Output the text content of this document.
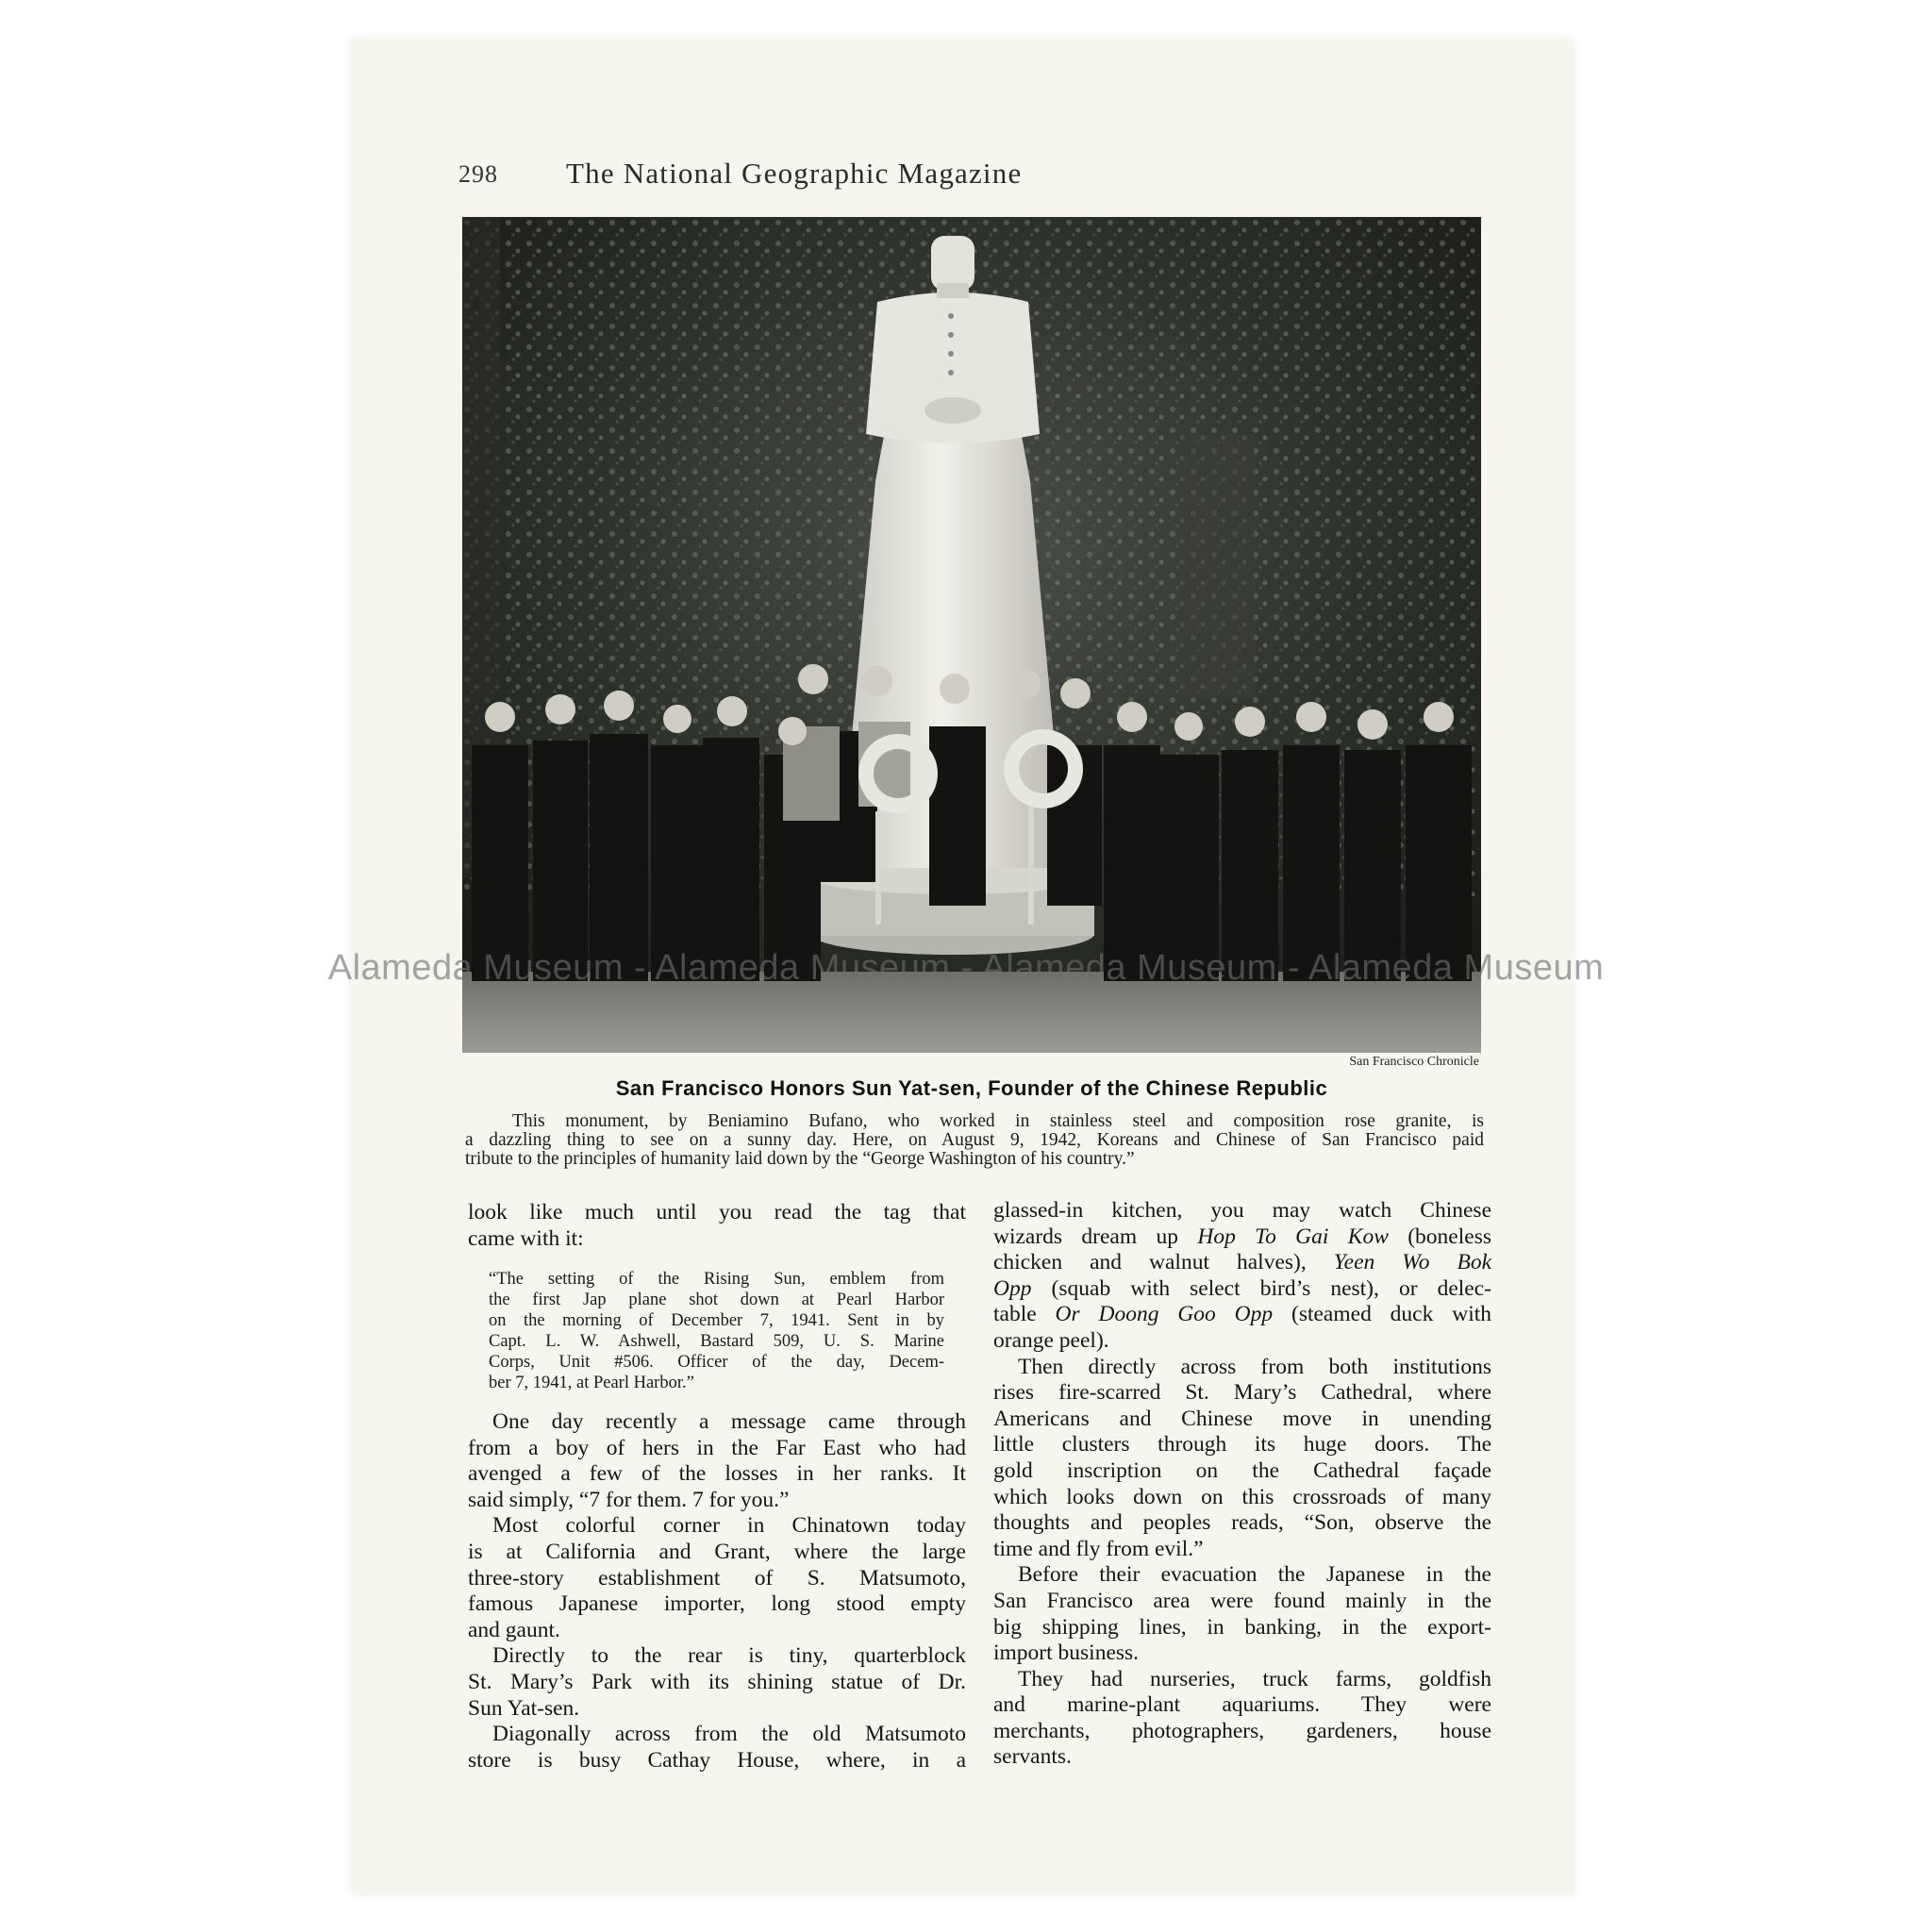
298 The National Geographic Magazine
San Francisco Chronicle
San Francisco Honors Sun Yat-sen, Founder of the Chinese Republic
This monument, by Beniamino Bufano, who worked in stainless steel and composition rose granite, is
a dazzling thing to see on a sunny day. Here, on August 9, 1942, Koreans and Chinese of San Francisco paid
tribute to the principles of humanity laid down by the “George Washington of his country.”
look like much until you read the tag that
came with it:
“The setting of the Rising Sun, emblem from
the first Jap plane shot down at Pearl Harbor
on the morning of December 7, 1941. Sent in by
Capt. L. W. Ashwell, Bastard 509, U. S. Marine
Corps, Unit #506. Officer of the day, Decem-
ber 7, 1941, at Pearl Harbor.”
One day recently a message came through
from a boy of hers in the Far East who had
avenged a few of the losses in her ranks. It
said simply, “7 for them. 7 for you.”
Most colorful corner in Chinatown today
is at California and Grant, where the large
three-story establishment of S. Matsumoto,
famous Japanese importer, long stood empty
and gaunt.
Directly to the rear is tiny, quarterblock
St. Mary’s Park with its shining statue of Dr.
Sun Yat-sen.
Diagonally across from the old Matsumoto
store is busy Cathay House, where, in a
glassed-in kitchen, you may watch Chinese
wizards dream up Hop To Gai Kow (boneless
chicken and walnut halves), Yeen Wo Bok
Opp (squab with select bird’s nest), or delec-
table Or Doong Goo Opp (steamed duck with
orange peel).
Then directly across from both institutions
rises fire-scarred St. Mary’s Cathedral, where
Americans and Chinese move in unending
little clusters through its huge doors. The
gold inscription on the Cathedral façade
which looks down on this crossroads of many
thoughts and peoples reads, “Son, observe the
time and fly from evil.”
Before their evacuation the Japanese in the
San Francisco area were found mainly in the
big shipping lines, in banking, in the export-
import business.
They had nurseries, truck farms, goldfish
and marine-plant aquariums. They were
merchants, photographers, gardeners, house
servants.
Alameda Museum - Alameda Museum - Alameda Museum - Alameda Museum
